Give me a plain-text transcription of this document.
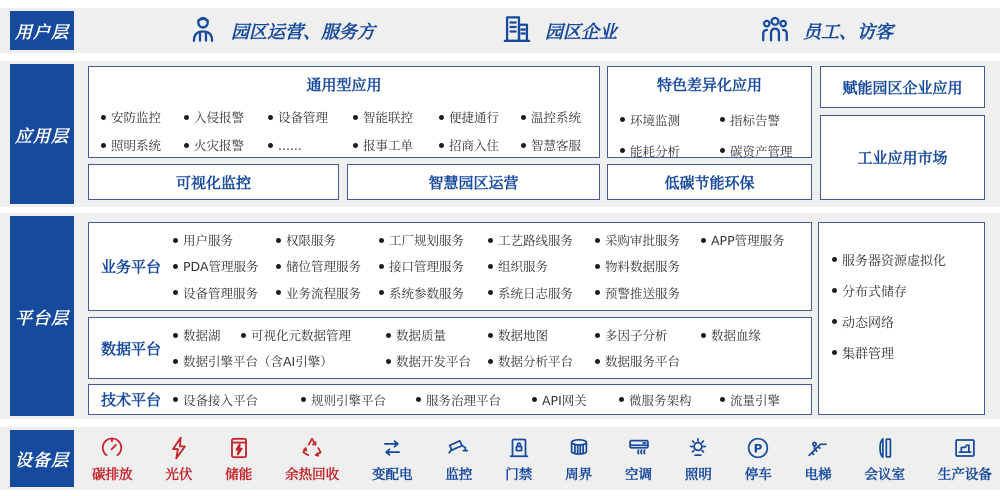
用户层
应用层
平台层
设备层
园区运营、服务方	园区企业	员工、访客
通用型应用
安防监控	入侵报警	设备管理	智能联控	便捷通行	温控系统
照明系统	火灾报警	......	报事工单	招商入住	智慧客服
特色差异化应用
环境监测	指标告警
能耗分析	碳资产管理
赋能园区企业应用
工业应用市场
可视化监控	智慧园区运营	低碳节能环保
业务平台
用户服务	权限服务	工厂规划服务	工艺路线服务	采购审批服务	APP管理服务
PDA管理服务	储位管理服务	接口管理服务	组织服务	物料数据服务
设备管理服务	业务流程服务	系统参数服务	系统日志服务	预警推送服务
数据平台
数据湖	可视化元数据管理	数据质量	数据地图	多因子分析	数据血缘
数据引擎平台（含AI引擎）	数据开发平台	数据分析平台	数据服务平台
技术平台	设备接入平台	规则引擎平台	服务治理平台	API网关	微服务架构	流量引擎
服务器资源虚拟化
分布式储存
动态网络
集群管理
碳排放 光伏 储能 余热回收 变配电 监控 门禁 周界 空调 照明
P
停车 电梯 会议室 生产设备
